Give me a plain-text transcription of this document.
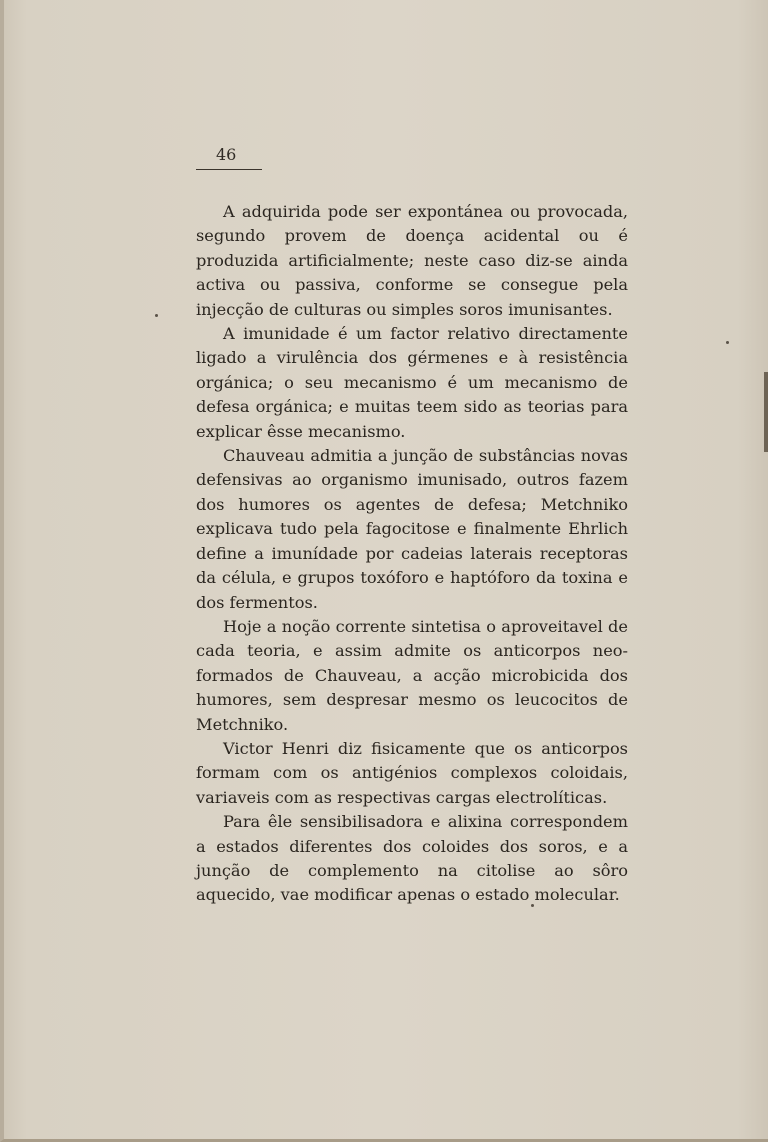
46

A adquirida pode ser expontánea ou provocada, segundo provem de doença acidental ou é produzida artificialmente; neste caso diz-se ainda activa ou passiva, conforme se consegue pela injecção de culturas ou simples soros imunisantes.

A imunidade é um factor relativo directamente ligado a virulência dos gérmenes e à resistência orgánica; o seu mecanismo é um mecanismo de defesa orgánica; e muitas teem sido as teorias para explicar êsse mecanismo.

Chauveau admitia a junção de substâncias novas defensivas ao organismo imunisado, outros fazem dos humores os agentes de defesa; Metchniko explicava tudo pela fagocitose e finalmente Ehrlich define a imunídade por cadeias laterais receptoras da célula, e grupos toxóforo e haptóforo da toxina e dos fermentos.

Hoje a noção corrente sintetisa o aproveitavel de cada teoria, e assim admite os anticorpos neo-formados de Chauveau, a acção microbicida dos humores, sem despresar mesmo os leucocitos de Metchniko.

Victor Henri diz fisicamente que os anticorpos formam com os antigénios complexos coloidais, variaveis com as respectivas cargas electrolíticas.

Para êle sensibilisadora e alixina correspondem a estados diferentes dos coloides dos soros, e a junção de complemento na citolise ao sôro aquecido, vae modificar apenas o estado molecular.
